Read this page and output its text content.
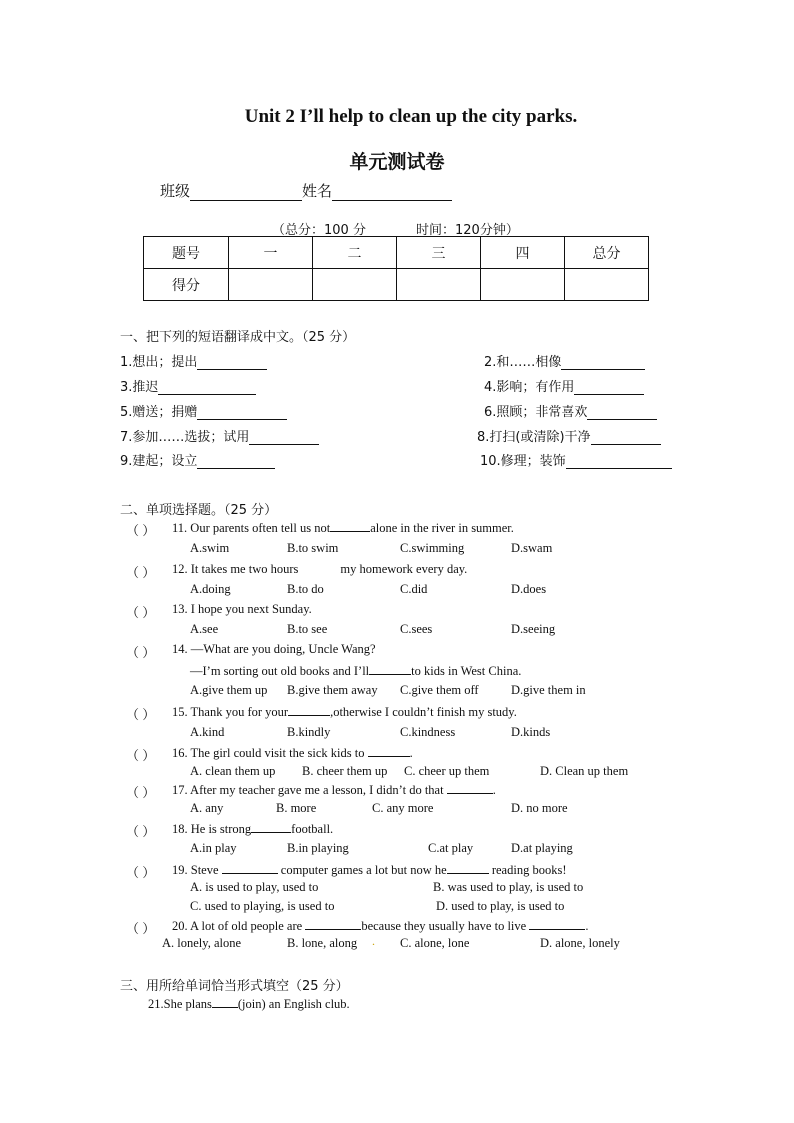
Unit 2 I’ll help to clean up the city parks.
单元测试卷
班级	姓名
（总分：100 分	时间：120分钟）
题号	一	二	三	四	总分
得分					
一、把下列的短语翻译成中文。（25 分）
1.想出；提出	2.和……相像
3.推迟	4.影响；有作用
5.赠送；捐赠	6.照顾；非常喜欢
7.参加……选拔；试用	8.打扫(或清除)干净
9.建起；设立	10.修理；装饰
二、单项选择题。（25 分）
（ ） 11. Our parents often tell us not	alone in the river in summer.
A.swim	B.to swim	C.swimming	D.swam
（ ） 12. It takes me two hours	my homework every day.
A.doing	B.to do	C.did	D.does
（ ） 13. I hope you next Sunday.
A.see	B.to see	C.sees	D.seeing
（ ） 14. —What are you doing, Uncle Wang?
—I’m sorting out old books and I’ll	to kids in West China.
A.give them up B.give them away C.give them off	D.give them in
（ ） 15. Thank you for your	,otherwise I couldn’t finish my study.
A.kind	B.kindly	C.kindness	D.kinds
（ ） 16. The girl could visit the sick kids to	.
A. clean them up B. cheer them up C. cheer up them	D. Clean up them
（ ） 17. After my teacher gave me a lesson, I didn’t do that	.
A. any	B. more	C. any more	D. no more
（ ） 18. He is strong	football.
A.in play	B.in playing	C.at play	D.at playing
（ ） 19. Steve	computer games a lot but now he	reading books!
A. is used to play, used to	B. was used to play, is used to
C. used to playing, is used to	D. used to play, is used to
（ ） 20. A lot of old people are	because they usually have to live	.
A. lonely, alone	B. lone, along . C. alone, lone	D. alone, lonely
三、用所给单词恰当形式填空（25 分）
21.She plans (join) an English club.
